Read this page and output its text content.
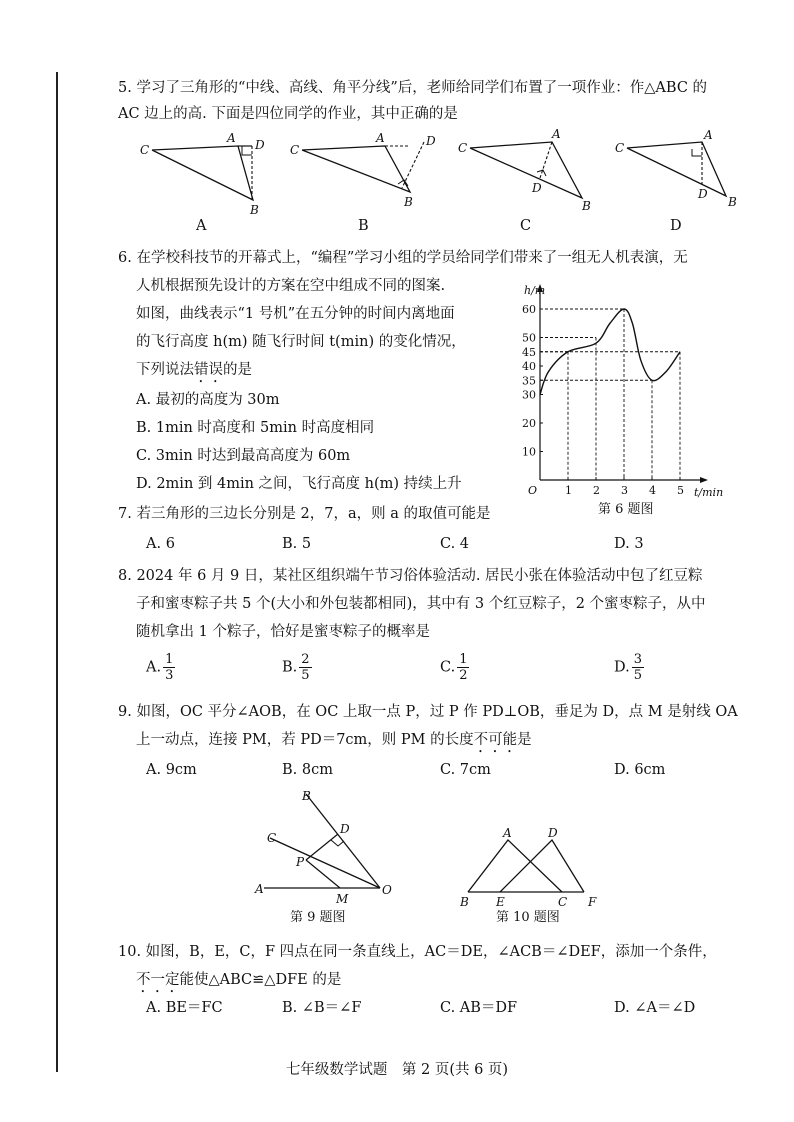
5. 学习了三角形的“中线、高线、角平分线”后，老师给同学们布置了一项作业：作△ABC 的
AC 边上的高. 下面是四位同学的作业，其中正确的是
C
A D
B
C
A	D
B
C
A
D
B
C
A
D
B
A	B	C	D
6. 在学校科技节的开幕式上，“编程”学习小组的学员给同学们带来了一组无人机表演，无
人机根据预先设计的方案在空中组成不同的图案.
如图，曲线表示“1 号机”在五分钟的时间内离地面
的飞行高度 h(m) 随飞行时间 t(min) 的变化情况，
下列说法错误的是
A. 最初的高度为 30m
B. 1min 时高度和 5min 时高度相同
C. 3min 时达到最高高度为 60m
D. 2min 到 4min 之间，飞行高度 h(m) 持续上升
h/m
t/min
O	1 2 3 4 5
10
20
30
35
40
45
50
60
第 6 题图
7. 若三角形的三边长分别是 2，7，a，则 a 的取值可能是
A. 6	B. 5	C. 4	D. 3
8. 2024 年 6 月 9 日，某社区组织端午节习俗体验活动. 居民小张在体验活动中包了红豆粽
子和蜜枣粽子共 5 个(大小和外包装都相同)，其中有 3 个红豆粽子，2 个蜜枣粽子，从中
随机拿出 1 个粽子，恰好是蜜枣粽子的概率是
A. $\frac{1}{3}$	B. $\frac{2}{5}$	C. $\frac{1}{2}$	D. $\frac{3}{5}$
9. 如图，OC 平分∠AOB，在 OC 上取一点 P，过 P 作 PD⊥OB，垂足为 D，点 M 是射线 OA
上一动点，连接 PM，若 PD＝7cm，则 PM 的长度不可能是
A. 9cm	B. 8cm	C. 7cm	D. 6cm
B
D
C
P
A
M
O
第 9 题图
A	D
B E	C F
第 10 题图
10. 如图，B，E，C，F 四点在同一条直线上，AC＝DE，∠ACB＝∠DEF，添加一个条件，
不一定能使△ABC≌△DFE 的是
A. BE＝FC	B. ∠B＝∠F	C. AB＝DF	D. ∠A＝∠D
七年级数学试题　第 2 页(共 6 页)
